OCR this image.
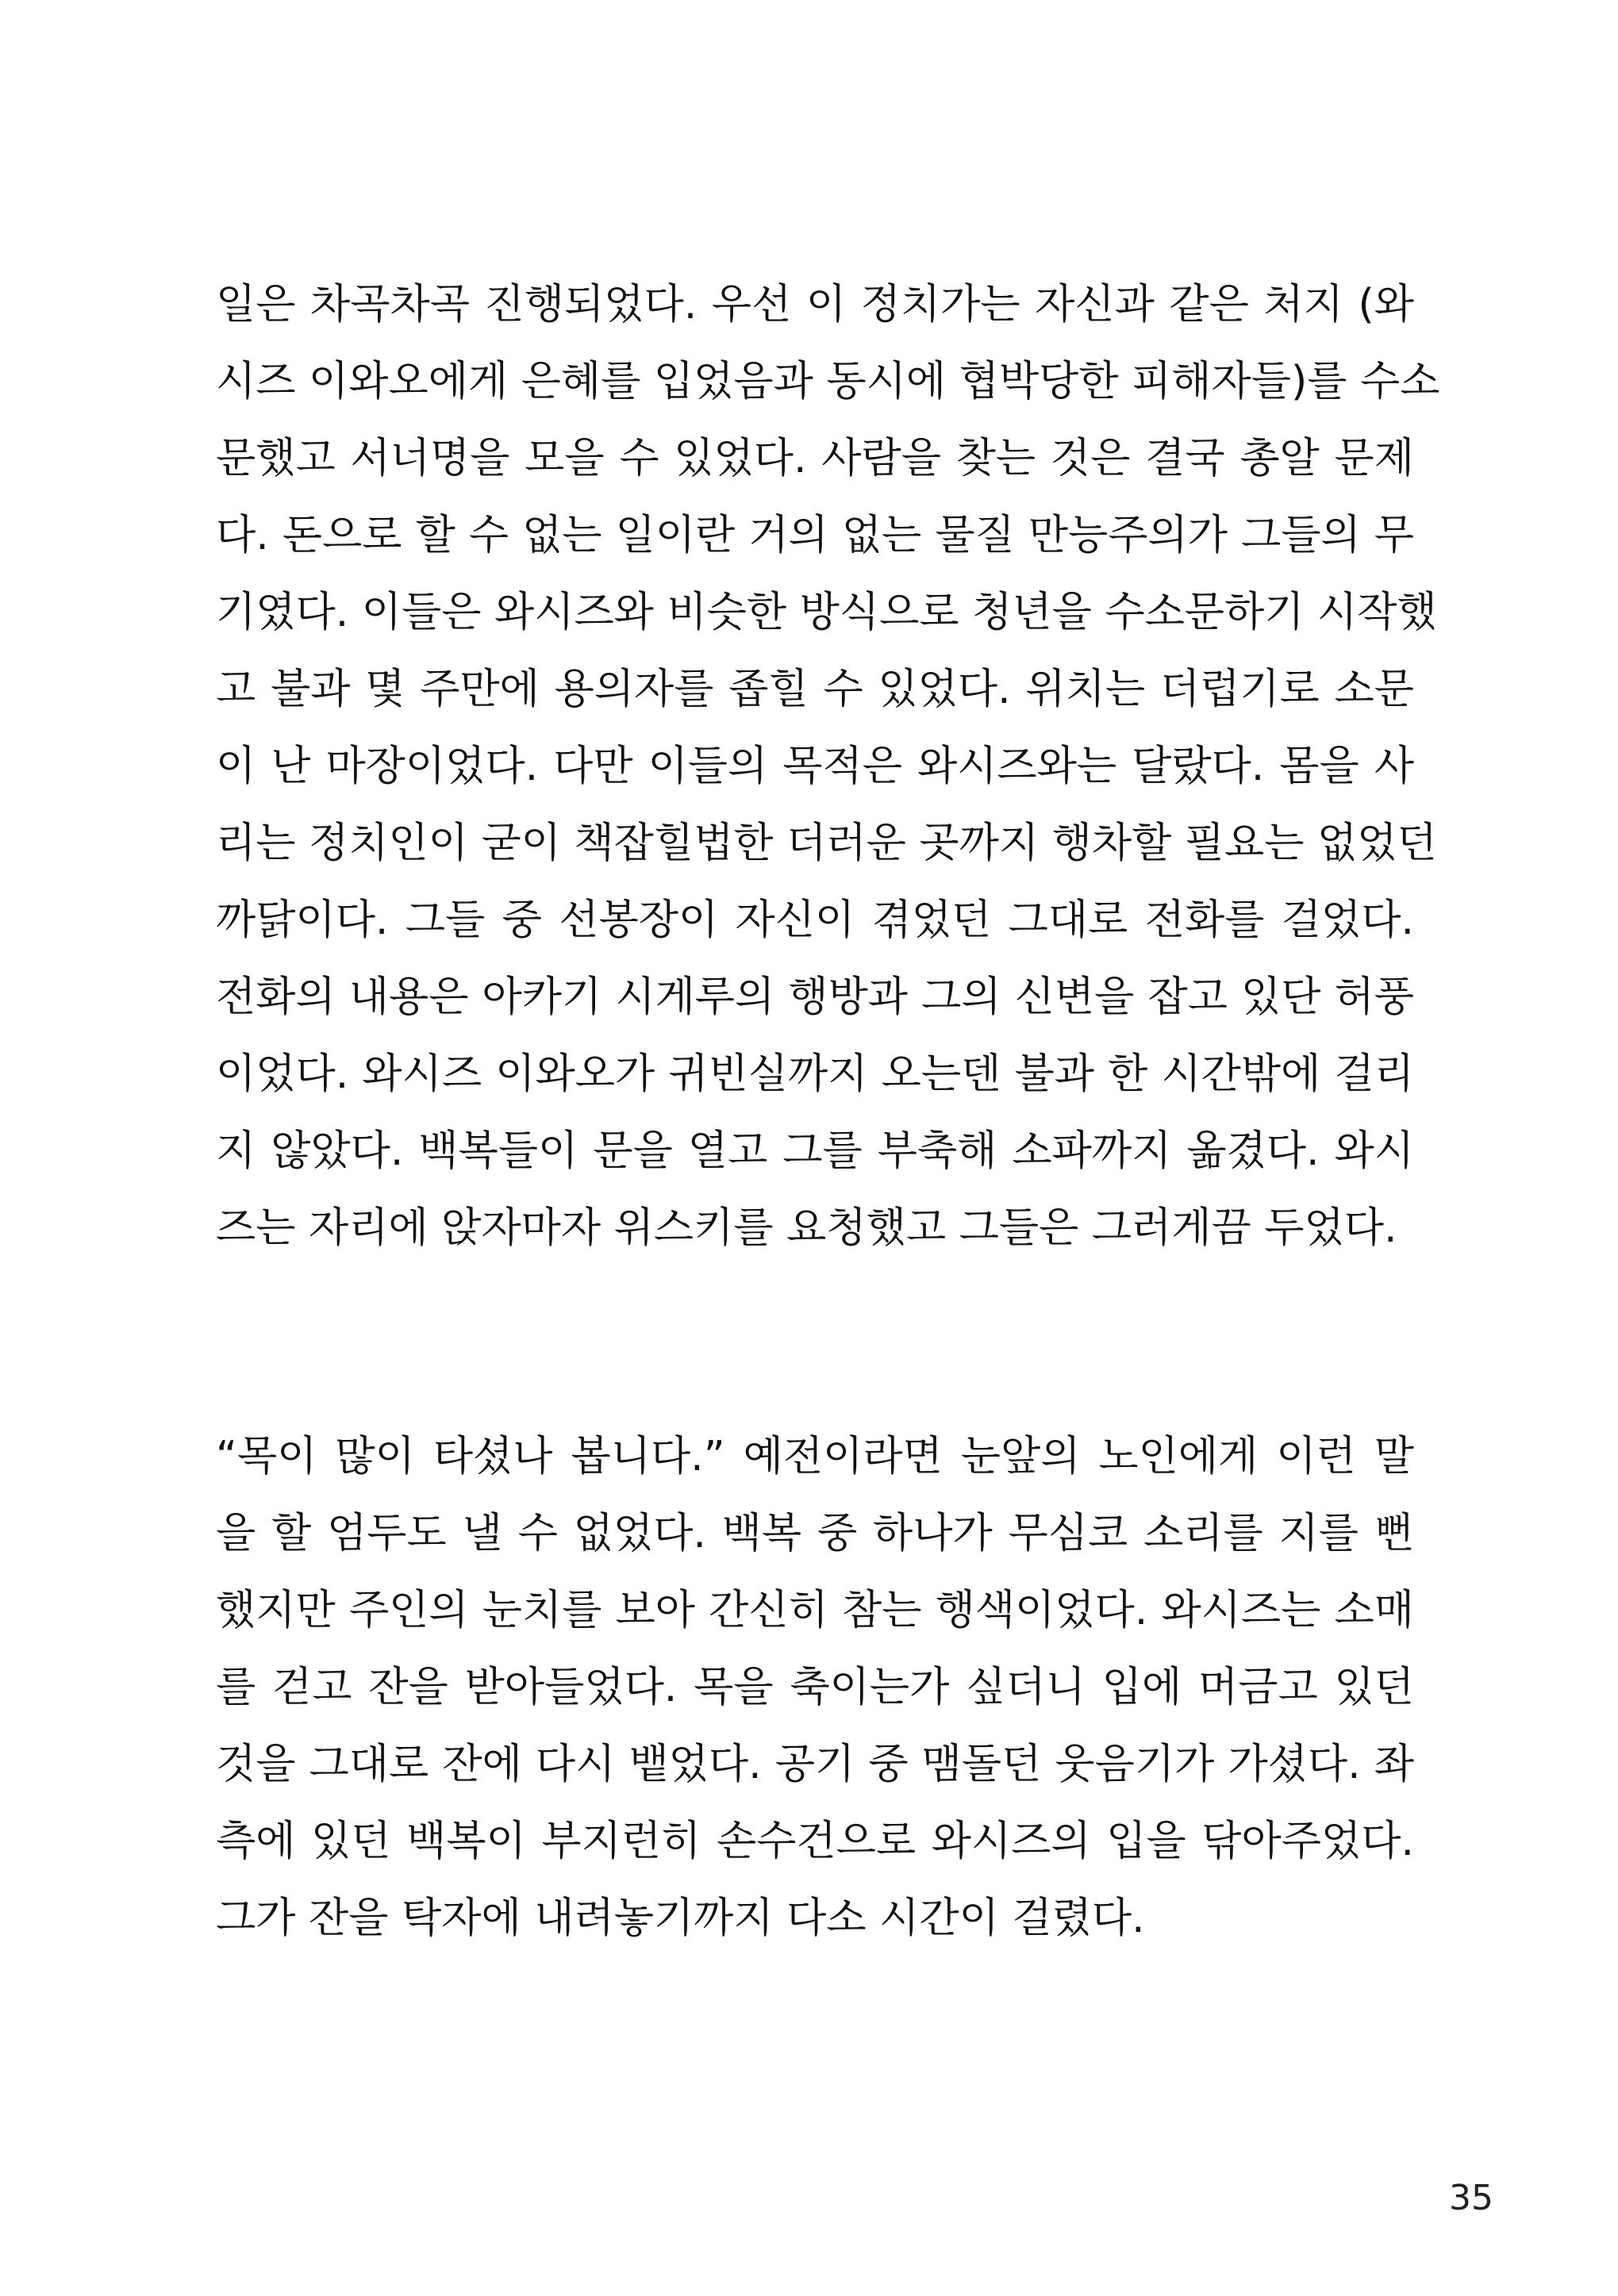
일은 차곡차곡 진행되었다. 우선 이 정치가는 자신과 같은 처지 (와
시즈 이와오에게 은혜를 입었음과 동시에 협박당한 피해자들)를 수소
문했고 서너명을 모을 수 있었다. 사람을 찾는 것은 결국 총알 문제
다. 돈으로 할 수 없는 일이란 거의 없는 물질 만능주의가 그들의 무
기였다. 이들은 와시즈와 비슷한 방식으로 청년을 수소문하기 시작했
고 불과 몇 주만에 용의자를 좁힐 수 있었다. 위치는 더럽기로 소문
이 난 마장이었다. 다만 이들의 목적은 와시즈와는 달랐다. 몸을 사
리는 정치인이 굳이 책잡힐법한 더러운 곳까지 행차할 필요는 없었던
까닭이다. 그들 중 선봉장이 자신이 겪었던 그대로 전화를 걸었다.
전화의 내용은 아카기 시게루의 행방과 그의 신변을 잡고 있단 허풍
이었다. 와시즈 이와오가 귀빈실까지 오는덴 불과 한 시간밖에 걸리
지 않았다. 백복들이 문을 열고 그를 부축해 소파까지 옮겼다. 와시
즈는 자리에 앉자마자 위스키를 요청했고 그들은 그러게끔 두었다.
“목이 많이 타셨나 봅니다.” 예전이라면 눈앞의 노인에게 이런 말
을 할 엄두도 낼 수 없었다. 백복 중 하나가 무심코 소리를 지를 뻔
했지만 주인의 눈치를 보아 간신히 참는 행색이었다. 와시즈는 소매
를 걷고 잔을 받아들었다. 목을 축이는가 싶더니 입에 머금고 있던
것을 그대로 잔에 다시 뱉었다. 공기 중 맴돌던 웃음기가 가셨다. 좌
측에 있던 백복이 부지런히 손수건으로 와시즈의 입을 닦아주었다.
그가 잔을 탁자에 내려놓기까지 다소 시간이 걸렸다.
35
